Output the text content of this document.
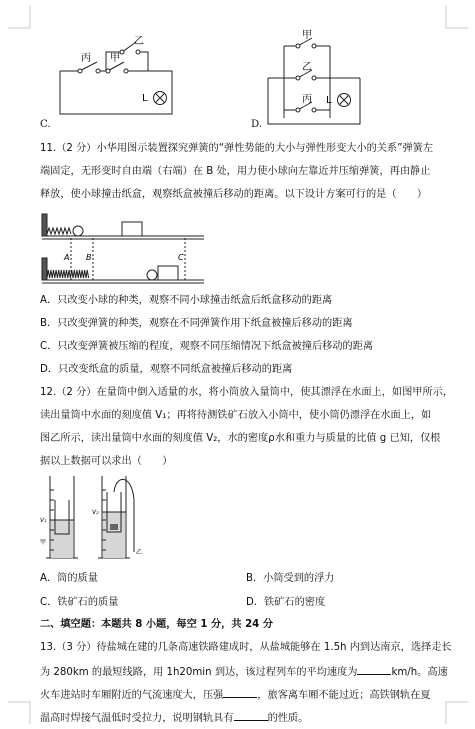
丙 甲
乙
L
C.
甲
乙
丙 L
D.
11.（2 分）小华用图示装置探究弹簧的“弹性势能的大小与弹性形变大小的关系”弹簧左
端固定，无形变时自由端（右端）在 B 处，用力使小球向左靠近并压缩弹簧，再由静止
释放，使小球撞击纸盒，观察纸盒被撞后移动的距离。以下设计方案可行的是（　　）
A B	C
A．只改变小球的种类，观察不同小球撞击纸盒后纸盒移动的距离
B．只改变弹簧的种类，观察在不同弹簧作用下纸盒被撞后移动的距离
C．只改变弹簧被压缩的程度，观察不同压缩情况下纸盒被撞后移动的距离
D．只改变纸盒的质量，观察不同纸盒被撞后移动的距离
12.（2 分）在量筒中倒入适量的水，将小筒放入量筒中，使其漂浮在水面上，如图甲所示，
读出量筒中水面的刻度值 V₁；再将待测铁矿石放入小筒中，使小筒仍漂浮在水面上，如
图乙所示，读出量筒中水面的刻度值 V₂，水的密度ρ水和重力与质量的比值 g 已知，仅根
据以上数据可以求出（　　）
V₁
V₂
甲
乙
A．筒的质量	B．小筒受到的浮力
C．铁矿石的质量	D．铁矿石的密度
二、填空题：本题共 8 小题，每空 1 分，共 24 分
13.（3 分）待盐城在建的几条高速铁路建成时，从盐城能够在 1.5h 内到达南京，选择走长
为 280km 的最短线路，用 1h20min 到达，该过程列车的平均速度为	km/h。高速
火车进站时车厢附近的气流速度大，压强	，旅客离车厢不能过近；高铁钢轨在夏
温高时焊接气温低时受拉力，说明钢轨具有	的性质。
